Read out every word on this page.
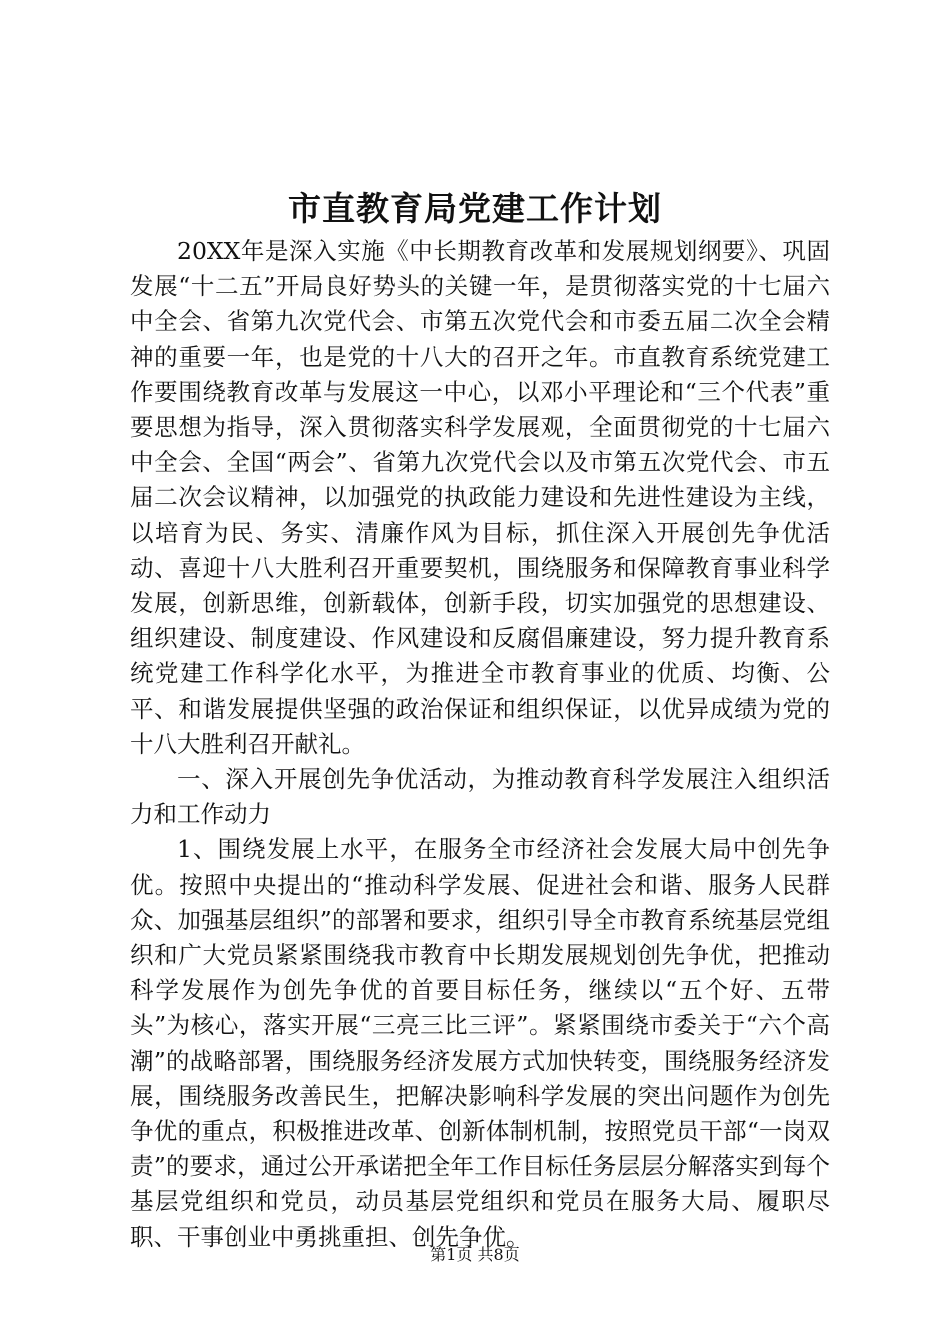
市直教育局党建工作计划

20XX年是深入实施《中长期教育改革和发展规划纲要》、巩固发展“十二五”开局良好势头的关键一年，是贯彻落实党的十七届六中全会、省第九次党代会、市第五次党代会和市委五届二次全会精神的重要一年，也是党的十八大的召开之年。市直教育系统党建工作要围绕教育改革与发展这一中心，以邓小平理论和“三个代表”重要思想为指导，深入贯彻落实科学发展观，全面贯彻党的十七届六中全会、全国“两会”、省第九次党代会以及市第五次党代会、市五届二次会议精神，以加强党的执政能力建设和先进性建设为主线，以培育为民、务实、清廉作风为目标，抓住深入开展创先争优活动、喜迎十八大胜利召开重要契机，围绕服务和保障教育事业科学发展，创新思维，创新载体，创新手段，切实加强党的思想建设、组织建设、制度建设、作风建设和反腐倡廉建设，努力提升教育系统党建工作科学化水平，为推进全市教育事业的优质、均衡、公平、和谐发展提供坚强的政治保证和组织保证，以优异成绩为党的十八大胜利召开献礼。

一、深入开展创先争优活动，为推动教育科学发展注入组织活力和工作动力

1、围绕发展上水平，在服务全市经济社会发展大局中创先争优。按照中央提出的“推动科学发展、促进社会和谐、服务人民群众、加强基层组织”的部署和要求，组织引导全市教育系统基层党组织和广大党员紧紧围绕我市教育中长期发展规划创先争优，把推动科学发展作为创先争优的首要目标任务，继续以“五个好、五带头”为核心，落实开展“三亮三比三评”。紧紧围绕市委关于“六个高潮”的战略部署，围绕服务经济发展方式加快转变，围绕服务经济发展，围绕服务改善民生，把解决影响科学发展的突出问题作为创先争优的重点，积极推进改革、创新体制机制，按照党员干部“一岗双责”的要求，通过公开承诺把全年工作目标任务层层分解落实到每个基层党组织和党员，动员基层党组织和党员在服务大局、履职尽职、干事创业中勇挑重担、创先争优。

第1页 共8页
